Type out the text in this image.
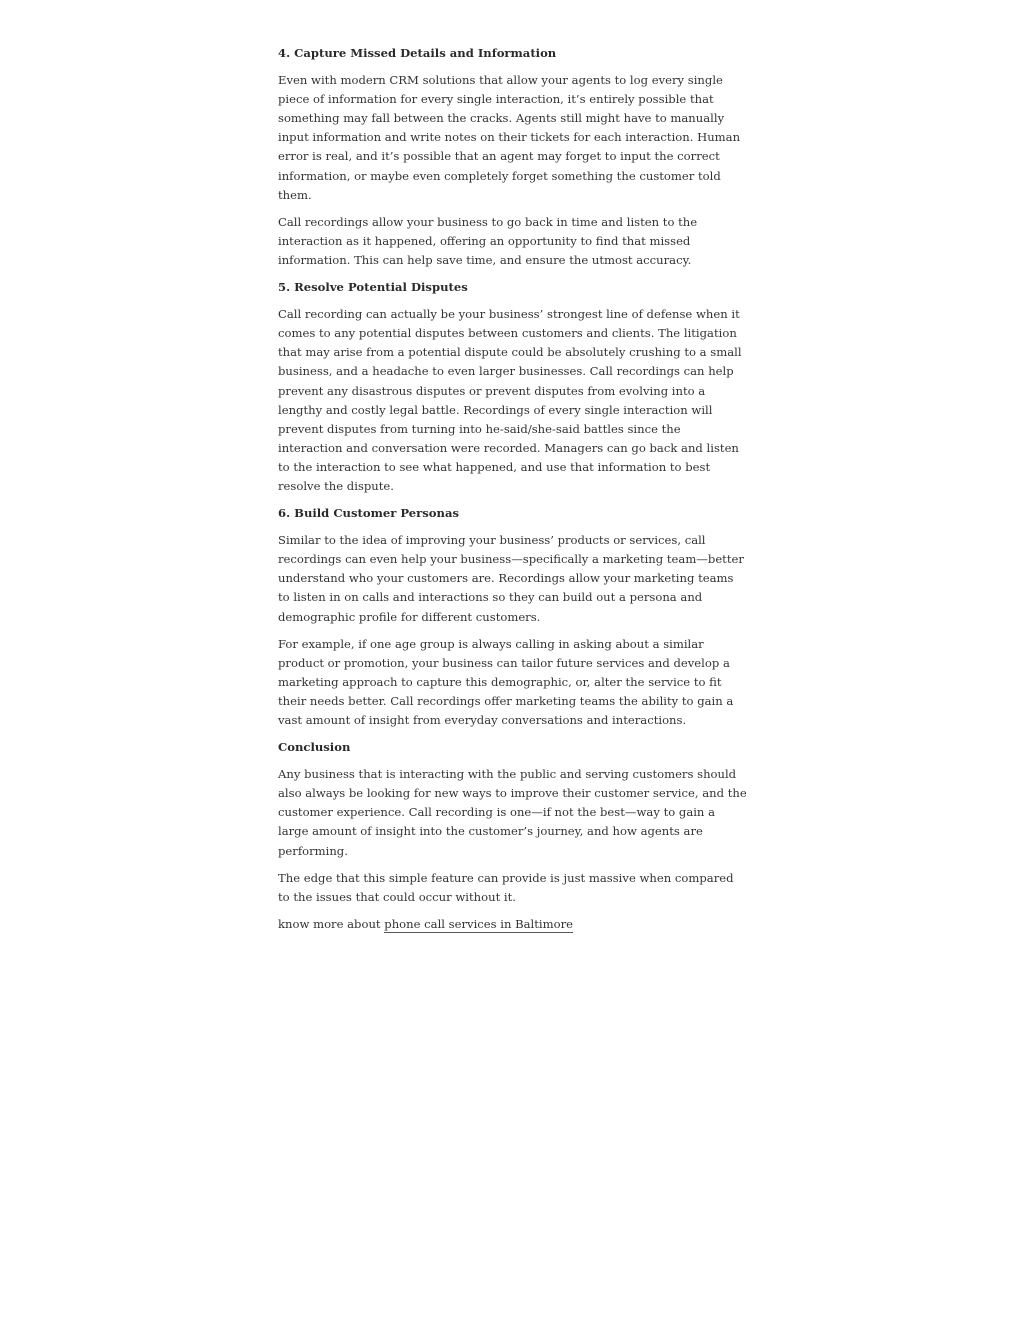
4. Capture Missed Details and Information

Even with modern CRM solutions that allow your agents to log every single piece of information for every single interaction, it’s entirely possible that something may fall between the cracks. Agents still might have to manually input information and write notes on their tickets for each interaction. Human error is real, and it’s possible that an agent may forget to input the correct information, or maybe even completely forget something the customer told them.

Call recordings allow your business to go back in time and listen to the interaction as it happened, offering an opportunity to find that missed information. This can help save time, and ensure the utmost accuracy.

5. Resolve Potential Disputes

Call recording can actually be your business’ strongest line of defense when it comes to any potential disputes between customers and clients. The litigation that may arise from a potential dispute could be absolutely crushing to a small business, and a headache to even larger businesses. Call recordings can help prevent any disastrous disputes or prevent disputes from evolving into a lengthy and costly legal battle. Recordings of every single interaction will prevent disputes from turning into he-said/she-said battles since the interaction and conversation were recorded. Managers can go back and listen to the interaction to see what happened, and use that information to best resolve the dispute.

6. Build Customer Personas

Similar to the idea of improving your business’ products or services, call recordings can even help your business—specifically a marketing team—better understand who your customers are. Recordings allow your marketing teams to listen in on calls and interactions so they can build out a persona and demographic profile for different customers.

For example, if one age group is always calling in asking about a similar product or promotion, your business can tailor future services and develop a marketing approach to capture this demographic, or, alter the service to fit their needs better. Call recordings offer marketing teams the ability to gain a vast amount of insight from everyday conversations and interactions.

Conclusion

Any business that is interacting with the public and serving customers should also always be looking for new ways to improve their customer service, and the customer experience. Call recording is one—if not the best—way to gain a large amount of insight into the customer’s journey, and how agents are performing.

The edge that this simple feature can provide is just massive when compared to the issues that could occur without it.

know more about phone call services in Baltimore
